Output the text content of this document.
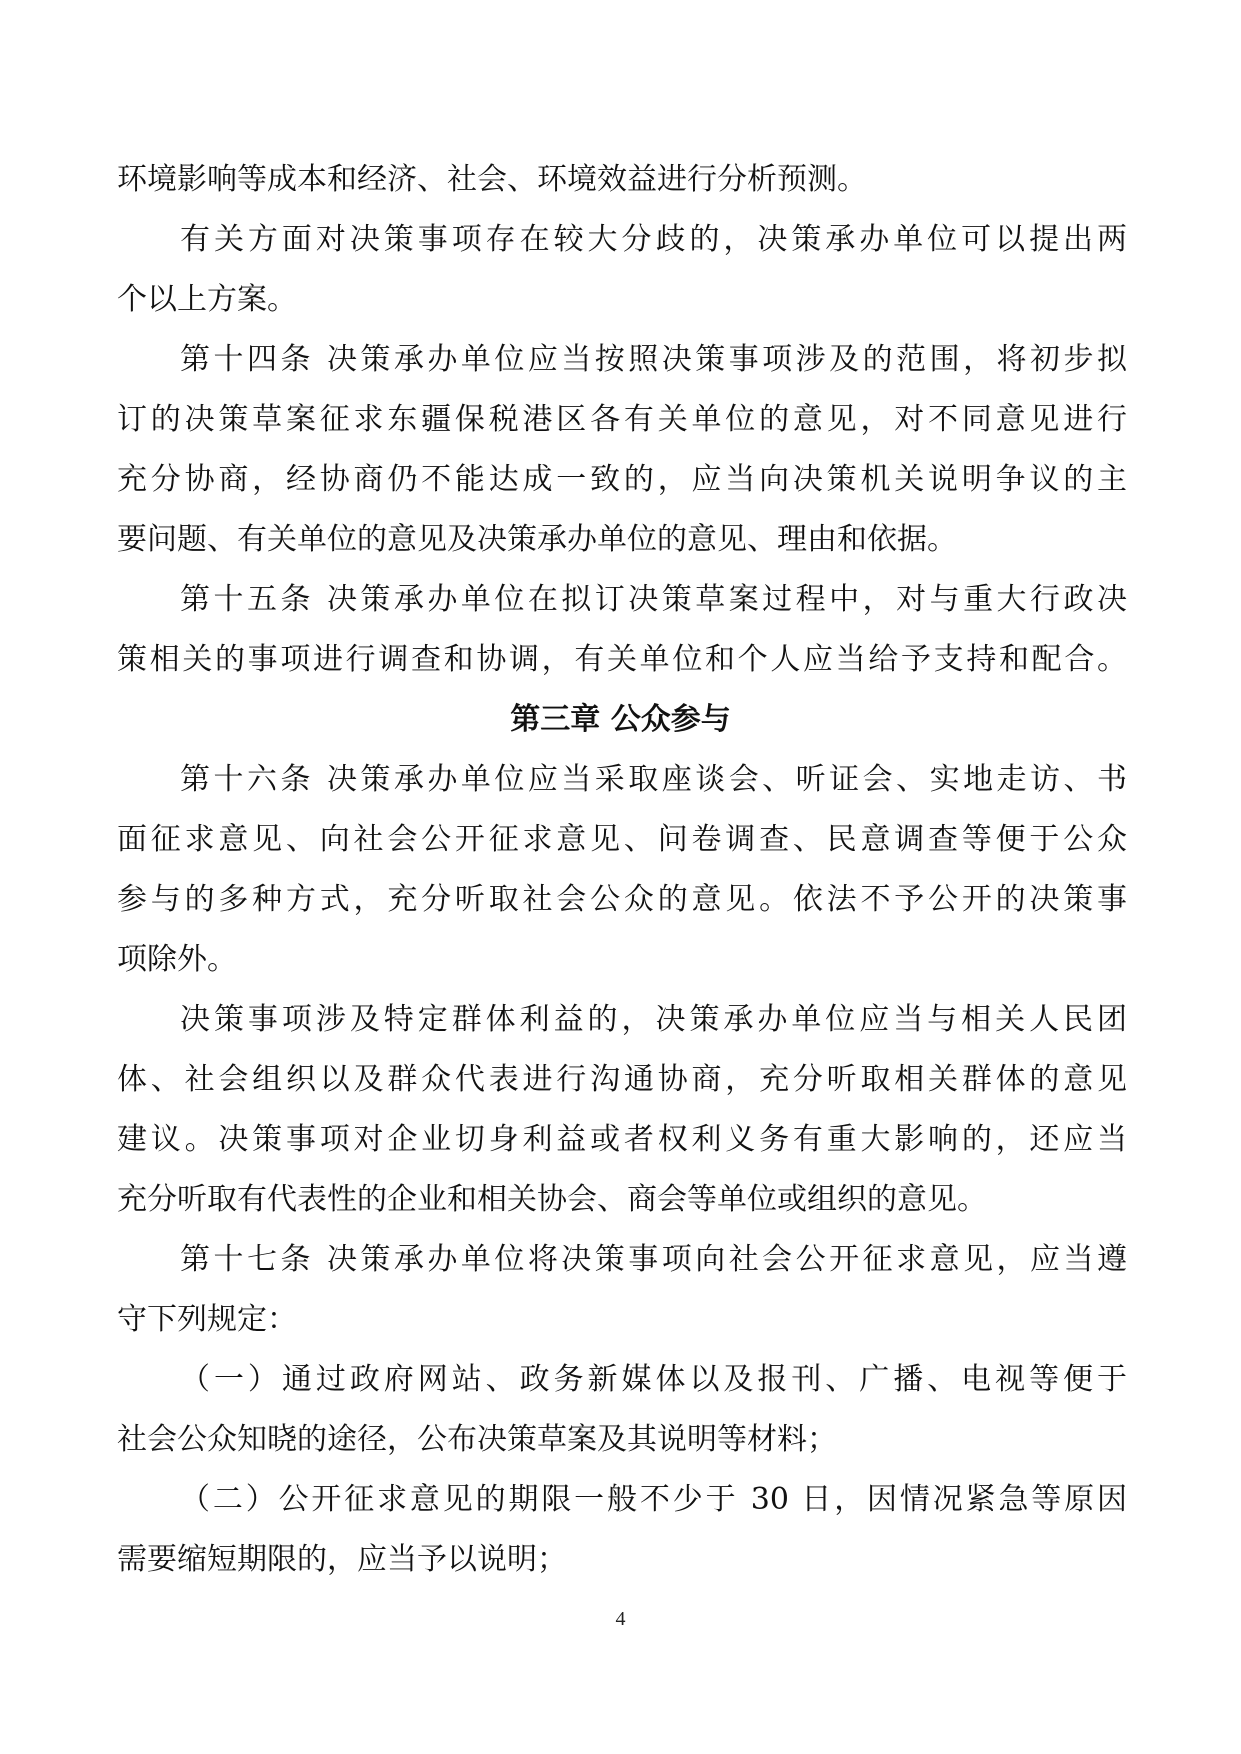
环境影响等成本和经济、社会、环境效益进行分析预测。
有关方面对决策事项存在较大分歧的，决策承办单位可以提出两
个以上方案。
第十四条 决策承办单位应当按照决策事项涉及的范围，将初步拟
订的决策草案征求东疆保税港区各有关单位的意见，对不同意见进行
充分协商，经协商仍不能达成一致的，应当向决策机关说明争议的主
要问题、有关单位的意见及决策承办单位的意见、理由和依据。
第十五条 决策承办单位在拟订决策草案过程中，对与重大行政决
策相关的事项进行调查和协调，有关单位和个人应当给予支持和配合。
第三章 公众参与
第十六条 决策承办单位应当采取座谈会、听证会、实地走访、书
面征求意见、向社会公开征求意见、问卷调查、民意调查等便于公众
参与的多种方式，充分听取社会公众的意见。依法不予公开的决策事
项除外。
决策事项涉及特定群体利益的，决策承办单位应当与相关人民团
体、社会组织以及群众代表进行沟通协商，充分听取相关群体的意见
建议。决策事项对企业切身利益或者权利义务有重大影响的，还应当
充分听取有代表性的企业和相关协会、商会等单位或组织的意见。
第十七条 决策承办单位将决策事项向社会公开征求意见，应当遵
守下列规定：
（一）通过政府网站、政务新媒体以及报刊、广播、电视等便于
社会公众知晓的途径，公布决策草案及其说明等材料；
（二）公开征求意见的期限一般不少于 30 日，因情况紧急等原因
需要缩短期限的，应当予以说明；
4
